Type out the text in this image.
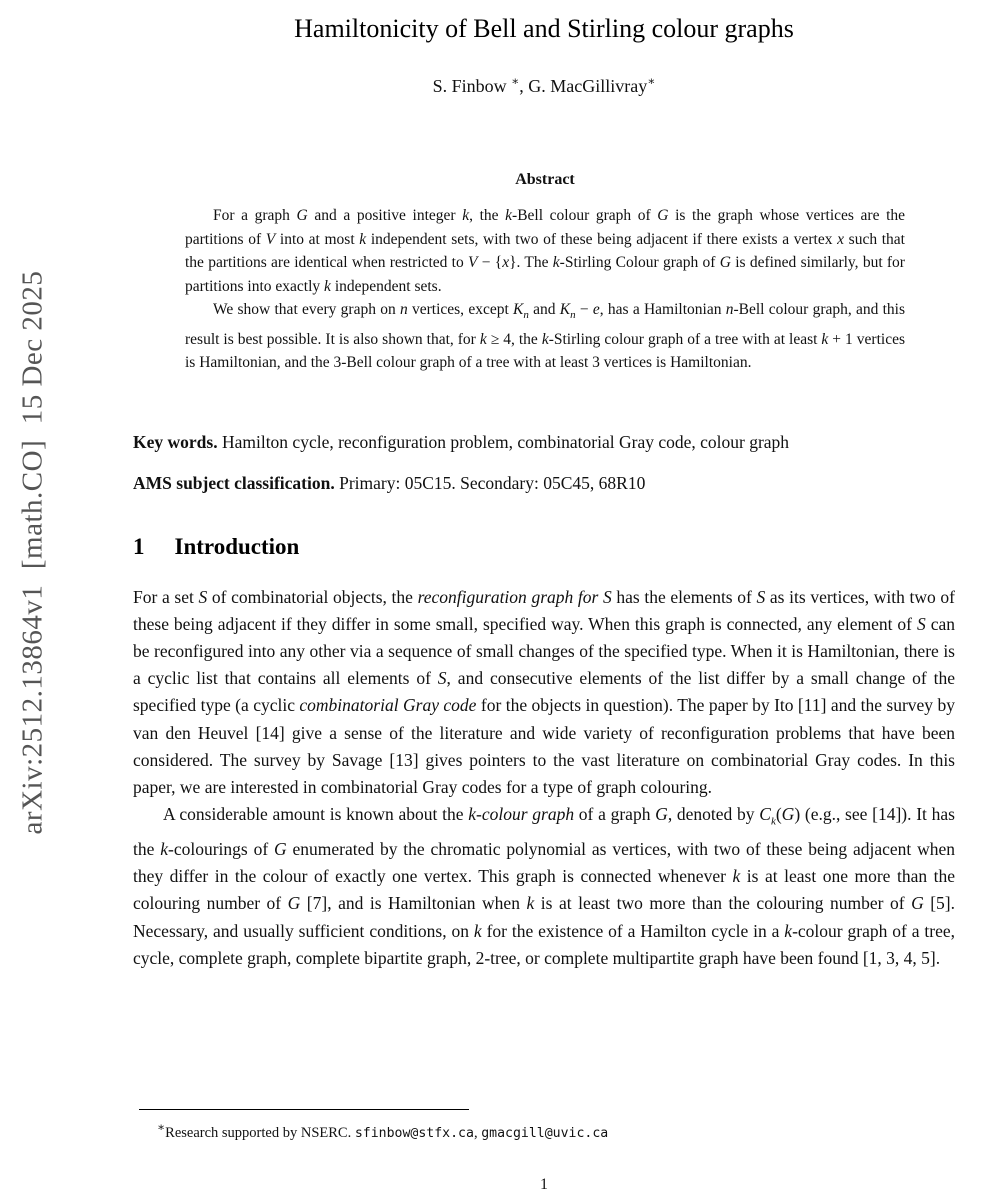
arXiv:2512.13864v1  [math.CO]  15 Dec 2025
Hamiltonicity of Bell and Stirling colour graphs
S. Finbow ∗, G. MacGillivray∗
Abstract

For a graph G and a positive integer k, the k-Bell colour graph of G is the graph whose vertices are the partitions of V into at most k independent sets, with two of these being adjacent if there exists a vertex x such that the partitions are identical when restricted to V − {x}. The k-Stirling Colour graph of G is defined similarly, but for partitions into exactly k independent sets.

We show that every graph on n vertices, except $K_n$ and $K_n - e$, has a Hamiltonian n-Bell colour graph, and this result is best possible. It is also shown that, for k ≥ 4, the k-Stirling colour graph of a tree with at least k + 1 vertices is Hamiltonian, and the 3-Bell colour graph of a tree with at least 3 vertices is Hamiltonian.

Key words. Hamilton cycle, reconfiguration problem, combinatorial Gray code, colour graph

AMS subject classification. Primary: 05C15. Secondary: 05C45, 68R10

1 Introduction

For a set S of combinatorial objects, the reconfiguration graph for S has the elements of S as its vertices, with two of these being adjacent if they differ in some small, specified way. When this graph is connected, any element of S can be reconfigured into any other via a sequence of small changes of the specified type. When it is Hamiltonian, there is a cyclic list that contains all elements of S, and consecutive elements of the list differ by a small change of the specified type (a cyclic combinatorial Gray code for the objects in question). The paper by Ito [11] and the survey by van den Heuvel [14] give a sense of the literature and wide variety of reconfiguration problems that have been considered. The survey by Savage [13] gives pointers to the vast literature on combinatorial Gray codes. In this paper, we are interested in combinatorial Gray codes for a type of graph colouring.

A considerable amount is known about the k-colour graph of a graph G, denoted by $C_k(G)$ (e.g., see [14]). It has the k-colourings of G enumerated by the chromatic polynomial as vertices, with two of these being adjacent when they differ in the colour of exactly one vertex. This graph is connected whenever k is at least one more than the colouring number of G [7], and is Hamiltonian when k is at least two more than the colouring number of G [5]. Necessary, and usually sufficient conditions, on k for the existence of a Hamilton cycle in a k-colour graph of a tree, cycle, complete graph, complete bipartite graph, 2-tree, or complete multipartite graph have been found [1, 3, 4, 5].

∗Research supported by NSERC. sfinbow@stfx.ca, gmacgill@uvic.ca

1
